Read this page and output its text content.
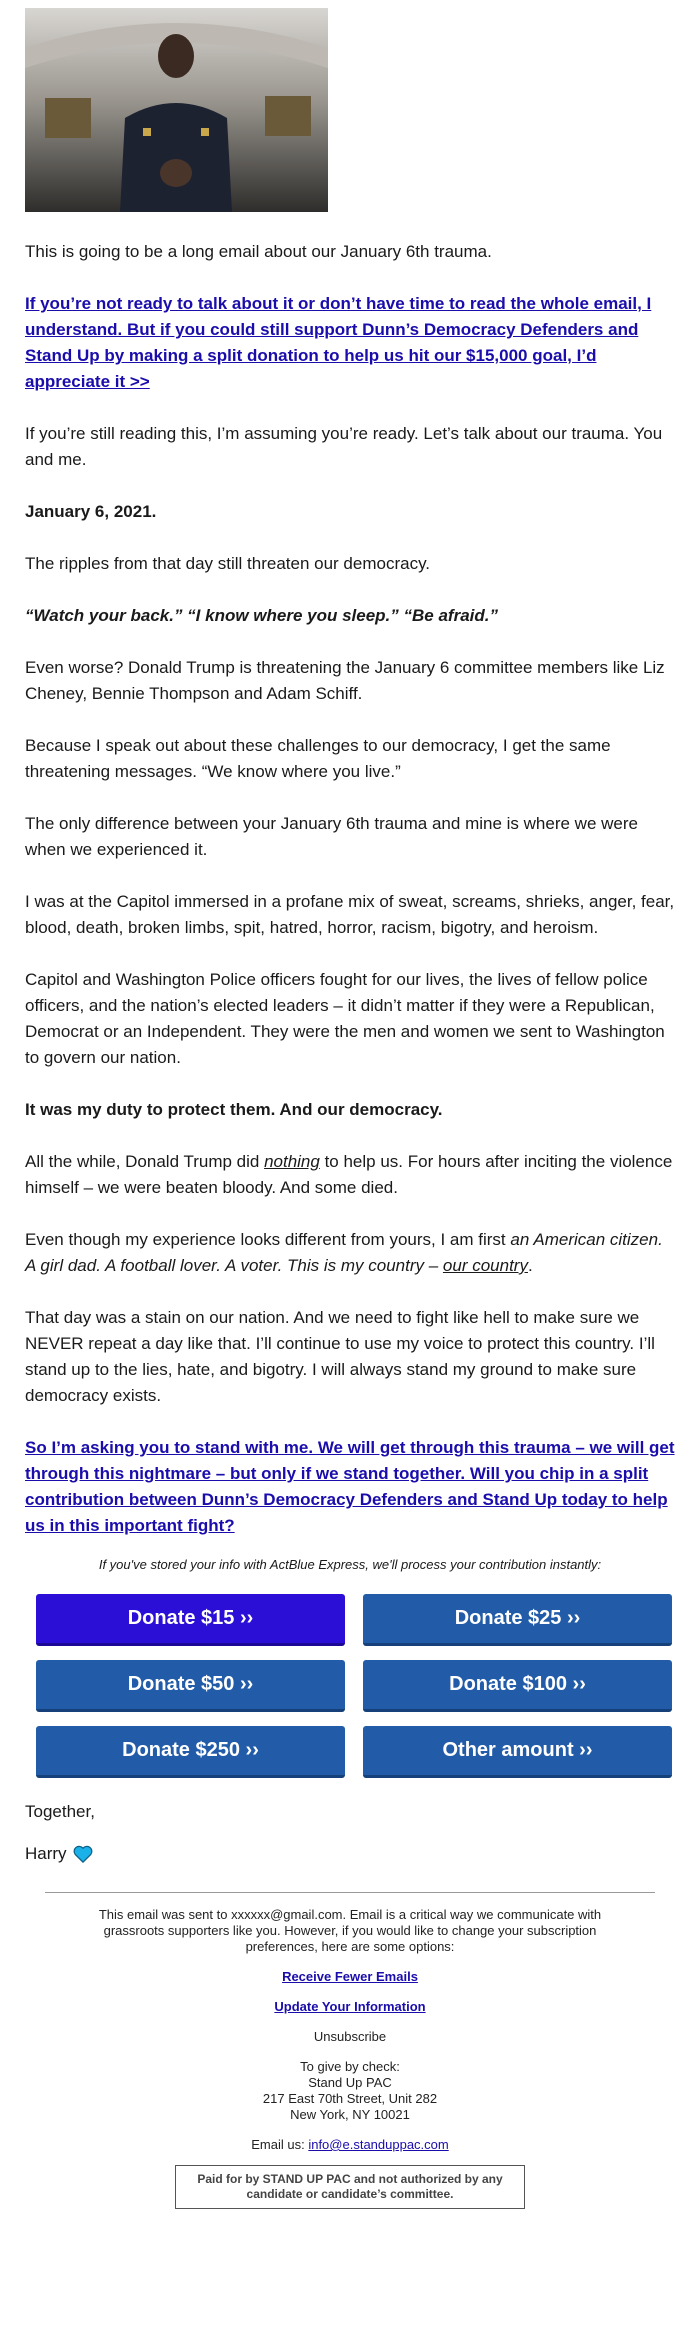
This is going to be a long email about our January 6th trauma.

If you’re not ready to talk about it or don’t have time to read the whole email, I understand. But if you could still support Dunn’s Democracy Defenders and Stand Up by making a split donation to help us hit our $15,000 goal, I’d appreciate it >>

If you’re still reading this, I’m assuming you’re ready. Let’s talk about our trauma. You and me.

January 6, 2021.

The ripples from that day still threaten our democracy.

“Watch your back.” “I know where you sleep.” “Be afraid.”

Even worse? Donald Trump is threatening the January 6 committee members like Liz Cheney, Bennie Thompson and Adam Schiff.

Because I speak out about these challenges to our democracy, I get the same threatening messages. “We know where you live.”

The only difference between your January 6th trauma and mine is where we were when we experienced it.

I was at the Capitol immersed in a profane mix of sweat, screams, shrieks, anger, fear, blood, death, broken limbs, spit, hatred, horror, racism, bigotry, and heroism.

Capitol and Washington Police officers fought for our lives, the lives of fellow police officers, and the nation’s elected leaders – it didn’t matter if they were a Republican, Democrat or an Independent. They were the men and women we sent to Washington to govern our nation.

It was my duty to protect them. And our democracy.

All the while, Donald Trump did nothing to help us. For hours after inciting the violence himself – we were beaten bloody. And some died.

Even though my experience looks different from yours, I am first an American citizen. A girl dad. A football lover. A voter. This is my country – our country.

That day was a stain on our nation. And we need to fight like hell to make sure we NEVER repeat a day like that. I’ll continue to use my voice to protect this country. I’ll stand up to the lies, hate, and bigotry. I will always stand my ground to make sure democracy exists.

So I’m asking you to stand with me. We will get through this trauma – we will get through this nightmare – but only if we stand together. Will you chip in a split contribution between Dunn’s Democracy Defenders and Stand Up today to help us in this important fight?

If you've stored your info with ActBlue Express, we'll process your contribution instantly:
Donate $15 ››	Donate $25 ››
Donate $50 ››	Donate $100 ››
Donate $250 ››	Other amount ››
Together,
Harry
This email was sent to xxxxxx@gmail.com. Email is a critical way we communicate with grassroots supporters like you. However, if you would like to change your subscription preferences, here are some options:
Receive Fewer Emails
Update Your Information
Unsubscribe
To give by check:
Stand Up PAC
217 East 70th Street, Unit 282
New York, NY 10021
Email us: info@e.standuppac.com
Paid for by STAND UP PAC and not authorized by any candidate or candidate’s committee.
